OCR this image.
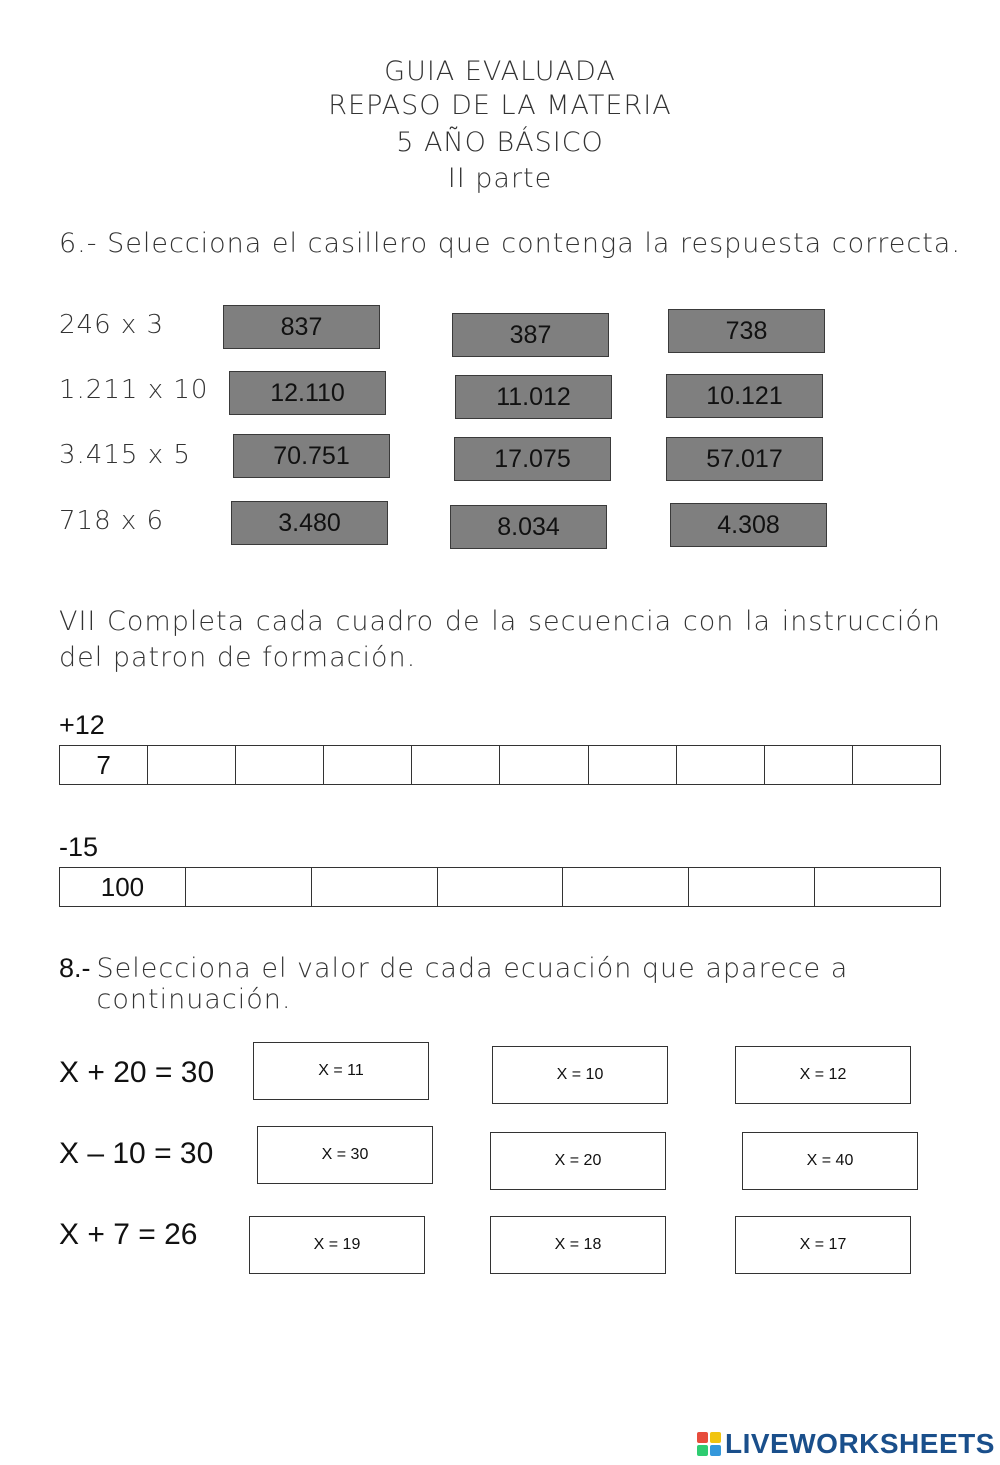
GUIA EVALUADA
REPASO DE LA MATERIA
5 AÑO BÁSICO
II parte
6.- Selecciona el casillero que contenga la respuesta correcta.
246 x 3	837	387	738
1.211 x 10	12.110	11.012	10.121
3.415 x 5	70.751	17.075	57.017
718 x 6	3.480	8.034	4.308
VII Completa cada cuadro de la secuencia con la instrucción del patron de formación.
+12
7									
-15
100						
8.- Selecciona el valor de cada ecuación que aparece a continuación.
X + 20 = 30	X = 11	X = 10	X = 12
X – 10 = 30	X = 30	X = 20	X = 40
X + 7 = 26	X = 19	X = 18	X = 17
LIVEWORKSHEETS
